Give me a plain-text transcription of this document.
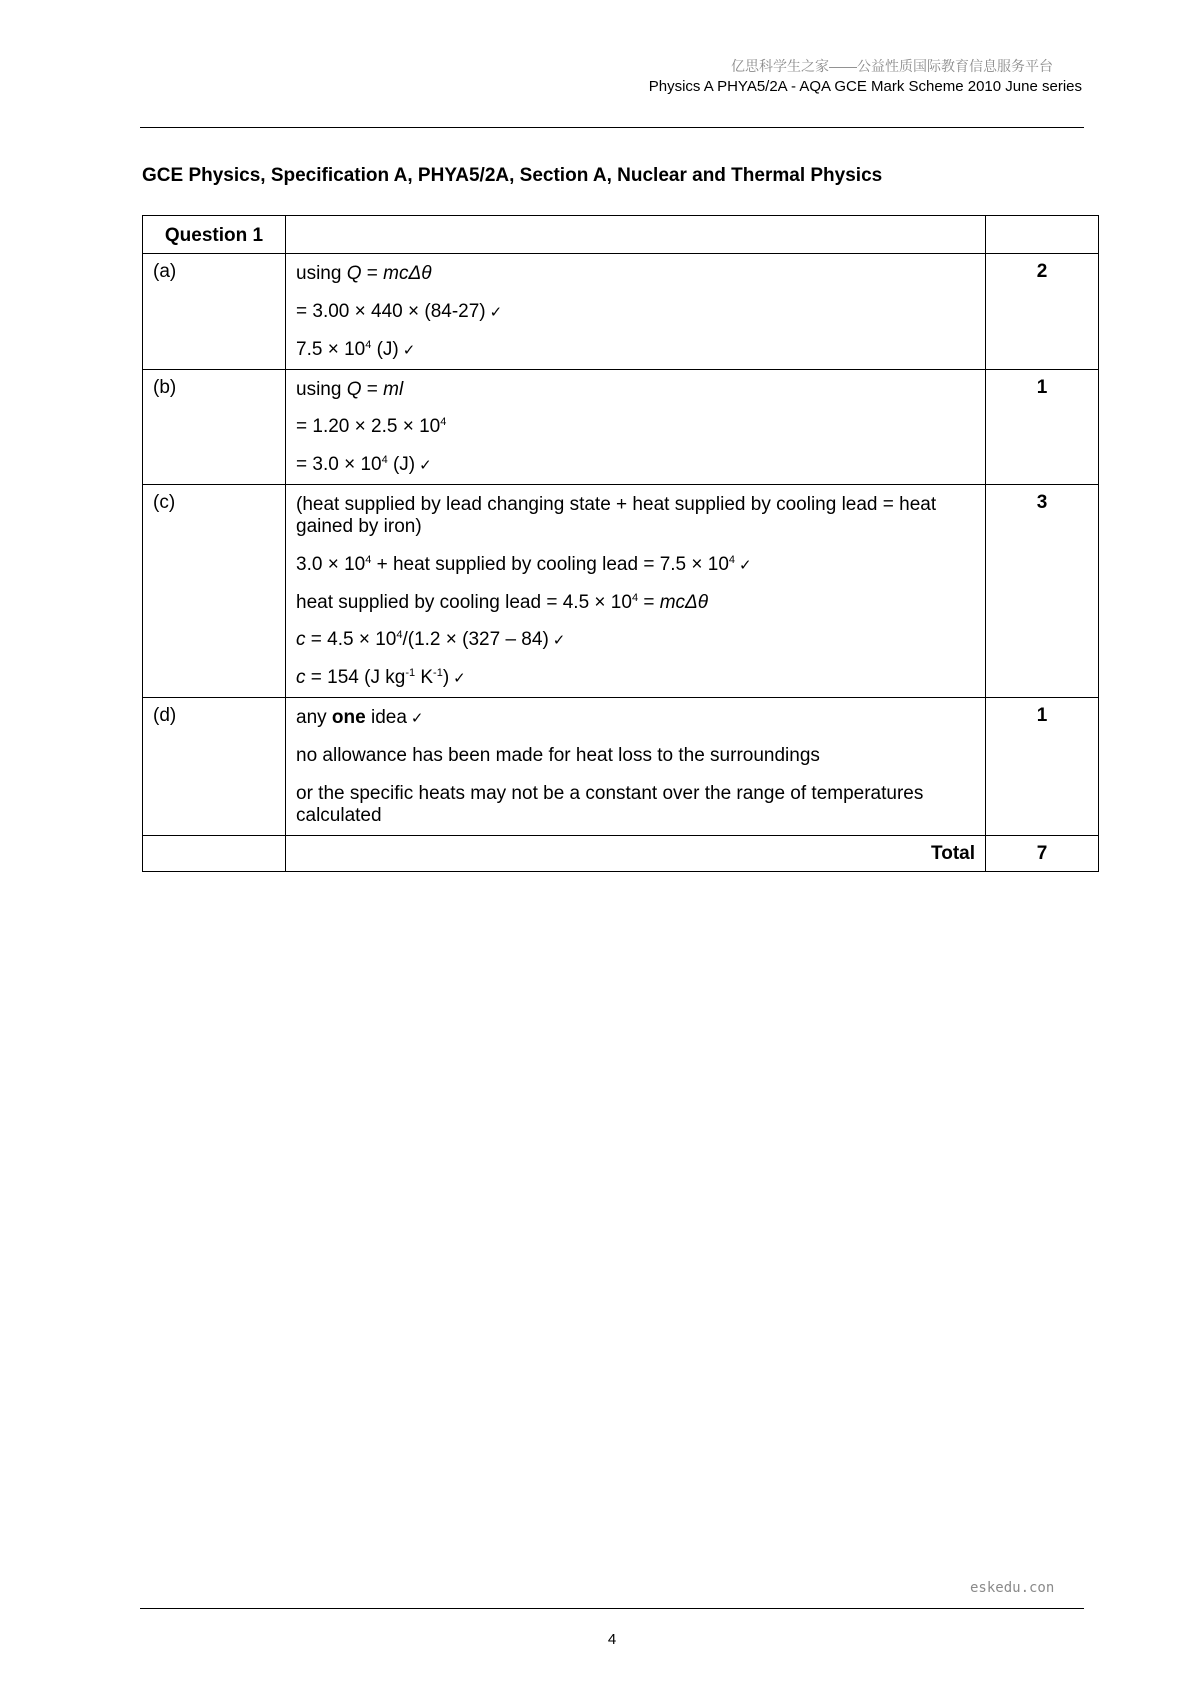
亿思科学生之家——公益性质国际教育信息服务平台
Physics A PHYA5/2A - AQA GCE Mark Scheme 2010 June series
GCE Physics, Specification A, PHYA5/2A, Section A, Nuclear and Thermal Physics
Question 1		
(a)	using Q = mcΔθ
= 3.00 × 440 × (84-27) ✓
$7.5 \times 10^4$ (J) ✓	2
(b)	using Q = ml
= $1.20 \times 2.5 \times 10^4$
= $3.0 \times 10^4$ (J) ✓	1
(c)	(heat supplied by lead changing state + heat supplied by cooling lead = heat gained by iron)
$3.0 \times 10^4$ + heat supplied by cooling lead = $7.5 \times 10^4$ ✓
heat supplied by cooling lead = $4.5 \times 10^4 = mc\Delta\theta$
$c = 4.5 \times 10^4/(1.2 \times (327 - 84)$ ✓
c = 154 (J $kg^{-1}$ $K^{-1}$) ✓	3
(d)	any one idea ✓
no allowance has been made for heat loss to the surroundings
or the specific heats may not be a constant over the range of temperatures calculated	1
	Total	7
eskedu.con
4
